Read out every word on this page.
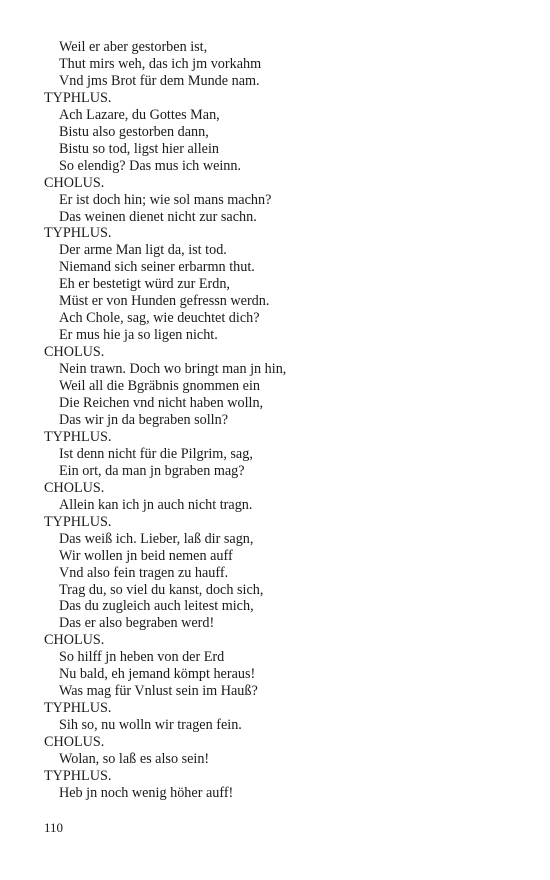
Weil er aber gestorben ist,
Thut mirs weh, das ich jm vorkahm
Vnd jms Brot für dem Munde nam.
TYPHLUS.
Ach Lazare, du Gottes Man,
Bistu also gestorben dann,
Bistu so tod, ligst hier allein
So elendig? Das mus ich weinn.
CHOLUS.
Er ist doch hin; wie sol mans machn?
Das weinen dienet nicht zur sachn.
TYPHLUS.
Der arme Man ligt da, ist tod.
Niemand sich seiner erbarmn thut.
Eh er bestetigt würd zur Erdn,
Müst er von Hunden gefressn werdn.
Ach Chole, sag, wie deuchtet dich?
Er mus hie ja so ligen nicht.
CHOLUS.
Nein trawn. Doch wo bringt man jn hin,
Weil all die Bgräbnis gnommen ein
Die Reichen vnd nicht haben wolln,
Das wir jn da begraben solln?
TYPHLUS.
Ist denn nicht für die Pilgrim, sag,
Ein ort, da man jn bgraben mag?
CHOLUS.
Allein kan ich jn auch nicht tragn.
TYPHLUS.
Das weiß ich. Lieber, laß dir sagn,
Wir wollen jn beid nemen auff
Vnd also fein tragen zu hauff.
Trag du, so viel du kanst, doch sich,
Das du zugleich auch leitest mich,
Das er also begraben werd!
CHOLUS.
So hilff jn heben von der Erd
Nu bald, eh jemand kömpt heraus!
Was mag für Vnlust sein im Hauß?
TYPHLUS.
Sih so, nu wolln wir tragen fein.
CHOLUS.
Wolan, so laß es also sein!
TYPHLUS.
Heb jn noch wenig höher auff!
110
